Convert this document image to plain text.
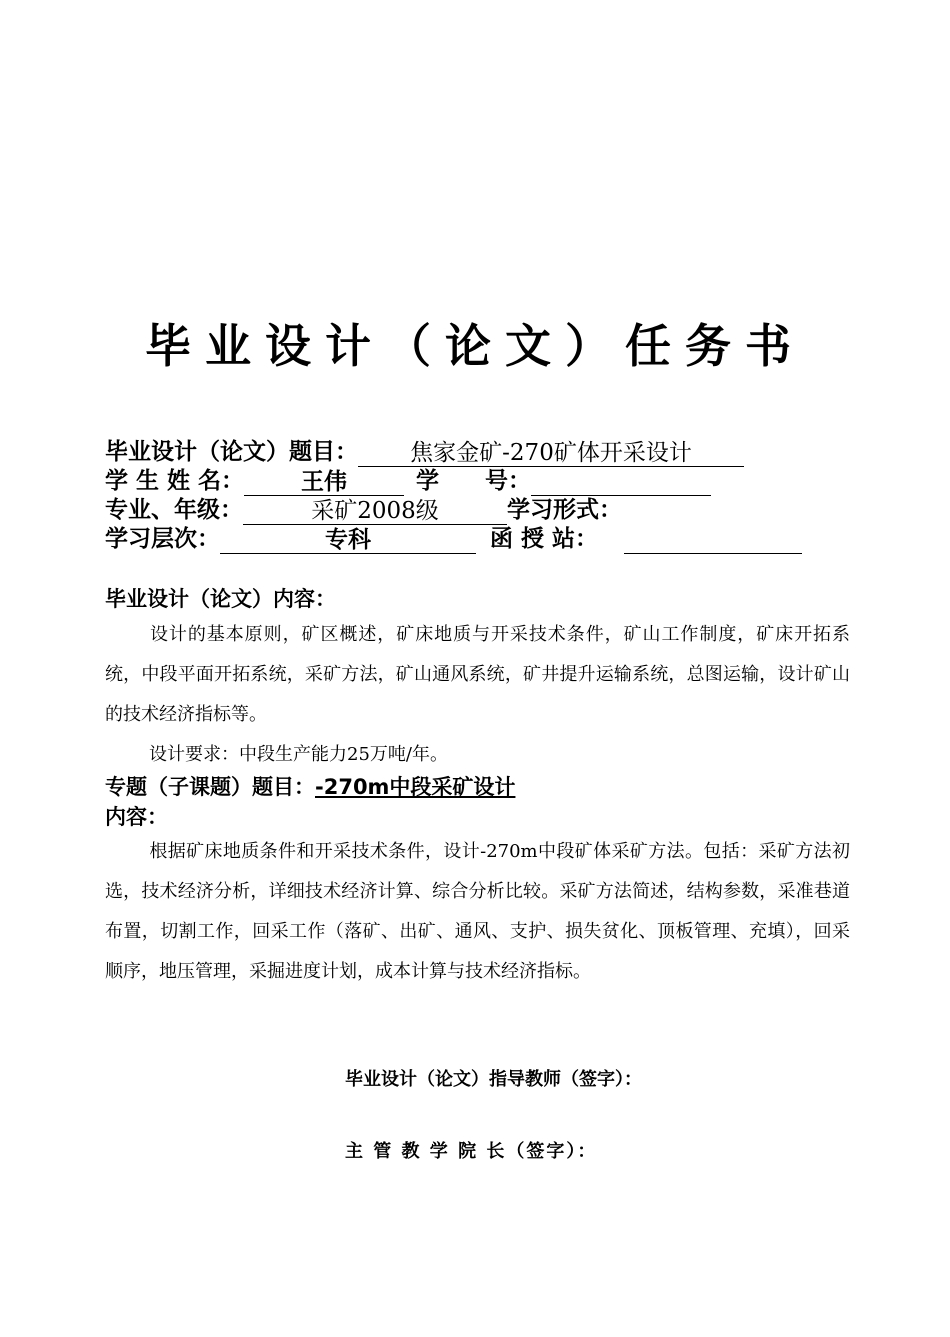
毕业设计（论文）任务书
毕业设计（论文）题目： 焦家金矿-270矿体开采设计
学 生 姓 名： 王伟	学　　号：
专业、年级：	采矿2008级	学习形式：
学习层次：	专科	函 授 站：
毕业设计（论文）内容：
设计的基本原则，矿区概述，矿床地质与开采技术条件，矿山工作制度，矿床开拓系统，中段平面开拓系统，采矿方法，矿山通风系统，矿井提升运输系统，总图运输，设计矿山的技术经济指标等。
设计要求：中段生产能力25万吨/年。
专题（子课题）题目：-270m中段采矿设计
内容：
根据矿床地质条件和开采技术条件，设计-270m中段矿体采矿方法。包括：采矿方法初选，技术经济分析，详细技术经济计算、综合分析比较。采矿方法简述，结构参数，采准巷道布置，切割工作，回采工作（落矿、出矿、通风、支护、损失贫化、顶板管理、充填），回采顺序，地压管理，采掘进度计划，成本计算与技术经济指标。
毕业设计（论文）指导教师（签字）：
主 管 教 学 院 长（签字）：
